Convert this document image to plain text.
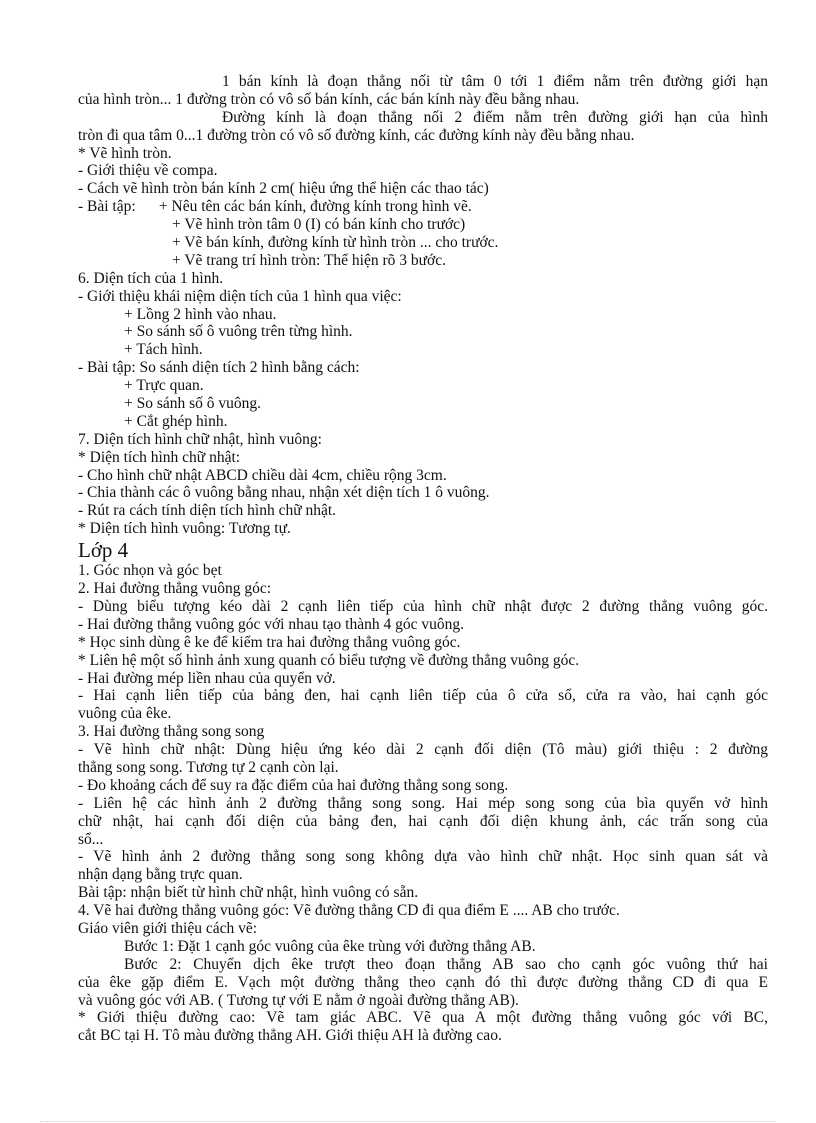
1 bán kính là đoạn thẳng nối từ tâm 0 tới 1 điểm nằm trên đường giới hạn
của hình tròn... 1 đường tròn có vô số bán kính, các bán kính này đều bằng nhau.
Đường kính là đoạn thẳng nối 2 điểm nằm trên đường giới hạn của hình
tròn đi qua tâm 0...1 đường tròn có vô số đường kính, các đường kính này đều bằng nhau.
* Vẽ hình tròn.
- Giới thiệu về compa.
- Cách vẽ hình tròn bán kính 2 cm( hiệu ứng thể hiện các thao tác)
- Bài tập:      + Nêu tên các bán kính, đường kính trong hình vẽ.
+ Vẽ hình tròn tâm 0 (I) có bán kính cho trước)
+ Vẽ bán kính, đường kính từ hình tròn ... cho trước.
+ Vẽ trang trí hình tròn: Thể hiện rõ 3 bước.
6. Diện tích của 1 hình.
- Giới thiệu khái niệm diện tích của 1 hình qua việc:
+ Lồng 2 hình vào nhau.
+ So sánh số ô vuông trên từng hình.
+ Tách hình.
- Bài tập: So sánh diện tích 2 hình bằng cách:
+ Trực quan.
+ So sánh số ô vuông.
+ Cắt ghép hình.
7. Diện tích hình chữ nhật, hình vuông:
* Diện tích hình chữ nhật:
- Cho hình chữ nhật ABCD chiều dài 4cm, chiều rộng 3cm.
- Chia thành các ô vuông bằng nhau, nhận xét diện tích 1 ô vuông.
- Rút ra cách tính diện tích hình chữ nhật.
* Diện tích hình vuông: Tương tự.
Lớp 4
1. Góc nhọn và góc bẹt
2. Hai đường thẳng vuông góc:
- Dùng biểu tượng kéo dài 2 cạnh liên tiếp của hình chữ nhật được 2 đường thẳng vuông góc.
- Hai đường thẳng vuông góc với nhau tạo thành 4 góc vuông.
* Học sinh dùng ê ke để kiểm tra hai đường thẳng vuông góc.
* Liên hệ một số hình ảnh xung quanh có biểu tượng về đường thẳng vuông góc.
- Hai đường mép liền nhau của quyển vở.
- Hai cạnh liên tiếp của bảng đen, hai cạnh liên tiếp của ô cửa sổ, cửa ra vào, hai cạnh góc
vuông của êke.
3. Hai đường thẳng song song
- Vẽ hình chữ nhật: Dùng hiệu ứng kéo dài 2 cạnh đối diện (Tô màu) giới thiệu : 2 đường
thẳng song song. Tương tự 2 cạnh còn lại.
- Đo khoảng cách để suy ra đặc điểm của hai đường thẳng song song.
- Liên hệ các hình ảnh 2 đường thẳng song song. Hai mép song song của bìa quyển vở hình
chữ nhật, hai cạnh đối diện của bảng đen, hai cạnh đối diện khung ảnh, các trấn song của
sổ...
- Vẽ hình ảnh 2 đường thẳng song song không dựa vào hình chữ nhật. Học sinh quan sát và
nhận dạng bằng trực quan.
Bài tập: nhận biết từ hình chữ nhật, hình vuông có sẵn.
4. Vẽ hai đường thẳng vuông góc: Vẽ đường thẳng CD đi qua điểm E .... AB cho trước.
Giáo viên giới thiệu cách vẽ:
Bước 1: Đặt 1 cạnh góc vuông của êke trùng với đường thẳng AB.
Bước 2: Chuyển dịch êke trượt theo đoạn thẳng AB sao cho cạnh góc vuông thứ hai
của êke gặp điểm E. Vạch một đường thẳng theo cạnh đó thì được đường thẳng CD đi qua E
và vuông góc với AB. ( Tương tự với E nằm ở ngoài đường thẳng AB).
* Giới thiệu đường cao: Vẽ tam giác ABC. Vẽ qua A một đường thẳng vuông góc với BC,
cắt BC tại H. Tô màu đường thẳng AH. Giới thiệu AH là đường cao.
